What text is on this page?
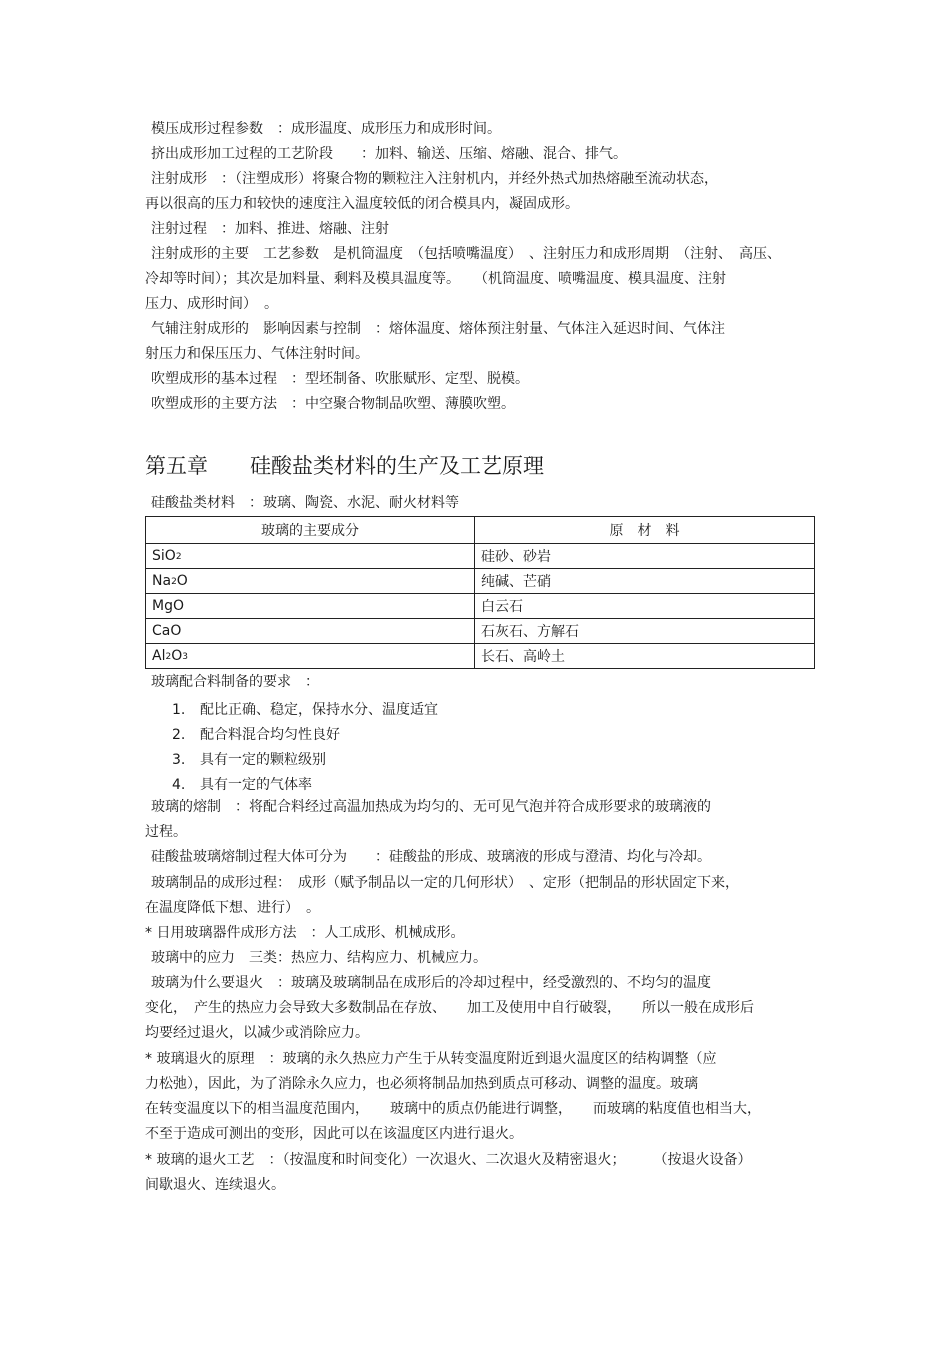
模压成形过程参数　：成形温度、成形压力和成形时间。
挤出成形加工过程的工艺阶段　　：加料、输送、压缩、熔融、混合、排气。
注射成形　：（注塑成形）将聚合物的颗粒注入注射机内，并经外热式加热熔融至流动状态，
再以很高的压力和较快的速度注入温度较低的闭合模具内，凝固成形。
注射过程　：加料、推进、熔融、注射
注射成形的主要　工艺参数　是机筒温度　（包括喷嘴温度）　、注射压力和成形周期　（注射、　高压、
冷却等时间）；其次是加料量、剩料及模具温度等。　　（机筒温度、喷嘴温度、模具温度、注射
压力、成形时间）　。
气辅注射成形的　影响因素与控制　：熔体温度、熔体预注射量、气体注入延迟时间、气体注
射压力和保压压力、气体注射时间。
吹塑成形的基本过程　：型坯制备、吹胀赋形、定型、脱模。
吹塑成形的主要方法　：中空聚合物制品吹塑、薄膜吹塑。
第五章　　硅酸盐类材料的生产及工艺原理
硅酸盐类材料　：玻璃、陶瓷、水泥、耐火材料等
玻璃的主要成分	原　材　料
SiO$_2$	硅砂、砂岩
$Na_2O$	纯碱、芒硝
MgO	白云石
CaO	石灰石、方解石
$Al_2O_3$	长石、高岭土
玻璃配合料制备的要求　：
1. 配比正确、稳定，保持水分、温度适宜
2. 配合料混合均匀性良好
3. 具有一定的颗粒级别
4. 具有一定的气体率
玻璃的熔制　：将配合料经过高温加热成为均匀的、无可见气泡并符合成形要求的玻璃液的
过程。
硅酸盐玻璃熔制过程大体可分为　　：硅酸盐的形成、玻璃液的形成与澄清、均化与冷却。
玻璃制品的成形过程：　成形（赋予制品以一定的几何形状）　、定形（把制品的形状固定下来，
在温度降低下想、进行）　。
* 日用玻璃器件成形方法　：人工成形、机械成形。
玻璃中的应力　三类：热应力、结构应力、机械应力。
玻璃为什么要退火　：玻璃及玻璃制品在成形后的冷却过程中，经受激烈的、不均匀的温度
变化，　产生的热应力会导致大多数制品在存放、　　加工及使用中自行破裂，　　所以一般在成形后
均要经过退火，以减少或消除应力。
* 玻璃退火的原理　：玻璃的永久热应力产生于从转变温度附近到退火温度区的结构调整（应
力松弛），因此，为了消除永久应力，也必须将制品加热到质点可移动、调整的温度。玻璃
在转变温度以下的相当温度范围内，　　玻璃中的质点仍能进行调整，　　而玻璃的粘度值也相当大，
不至于造成可测出的变形，因此可以在该温度区内进行退火。
* 玻璃的退火工艺　：（按温度和时间变化）一次退火、二次退火及精密退火；　　　（按退火设备）
间歇退火、连续退火。
